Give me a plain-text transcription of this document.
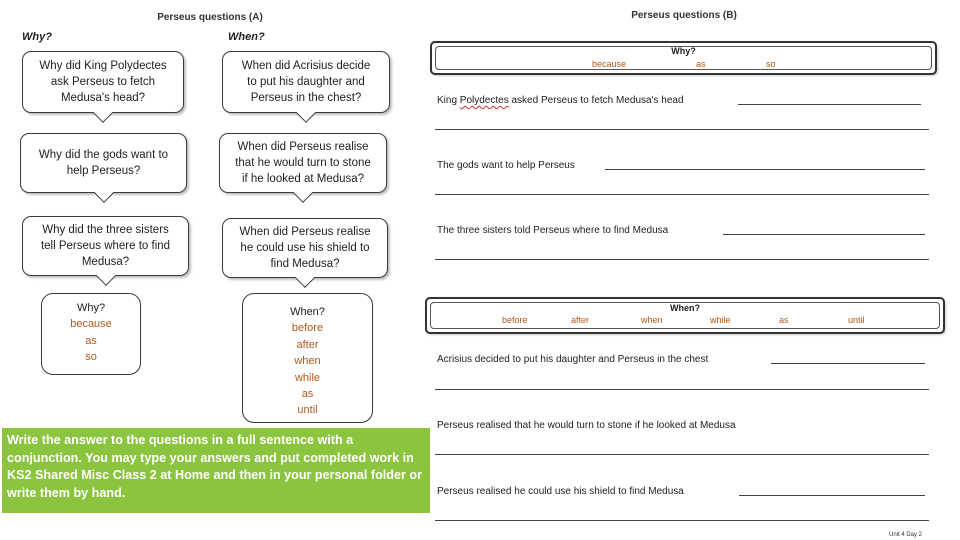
Perseus questions (A)
Why?	When?
Why did King Polydectes
ask Perseus to fetch
Medusa's head?
Why did the gods want to
help Perseus?
Why did the three sisters
tell Perseus where to find
Medusa?
When did Acrisius decide
to put his daughter and
Perseus in the chest?
When did Perseus realise
that he would turn to stone
if he looked at Medusa?
When did Perseus realise
he could use his shield to
find Medusa?
Why?
because
as
so
When?
before
after
when
while
as
until
Write the answer to the questions in a full sentence with a conjunction. You may type your answers and put completed work in KS2 Shared Misc Class 2 at Home and then in your personal folder or write them by hand.
Perseus questions (B)
Why?
because	as	so
King Polydectes asked Perseus to fetch Medusa's head
The gods want to help Perseus
The three sisters told Perseus where to find Medusa
When?
before	after	when	while	as	until
Acrisius decided to put his daughter and Perseus in the chest
Perseus realised that he would turn to stone if he looked at Medusa
Perseus realised he could use his shield to find Medusa
Unit 4 Day 2
